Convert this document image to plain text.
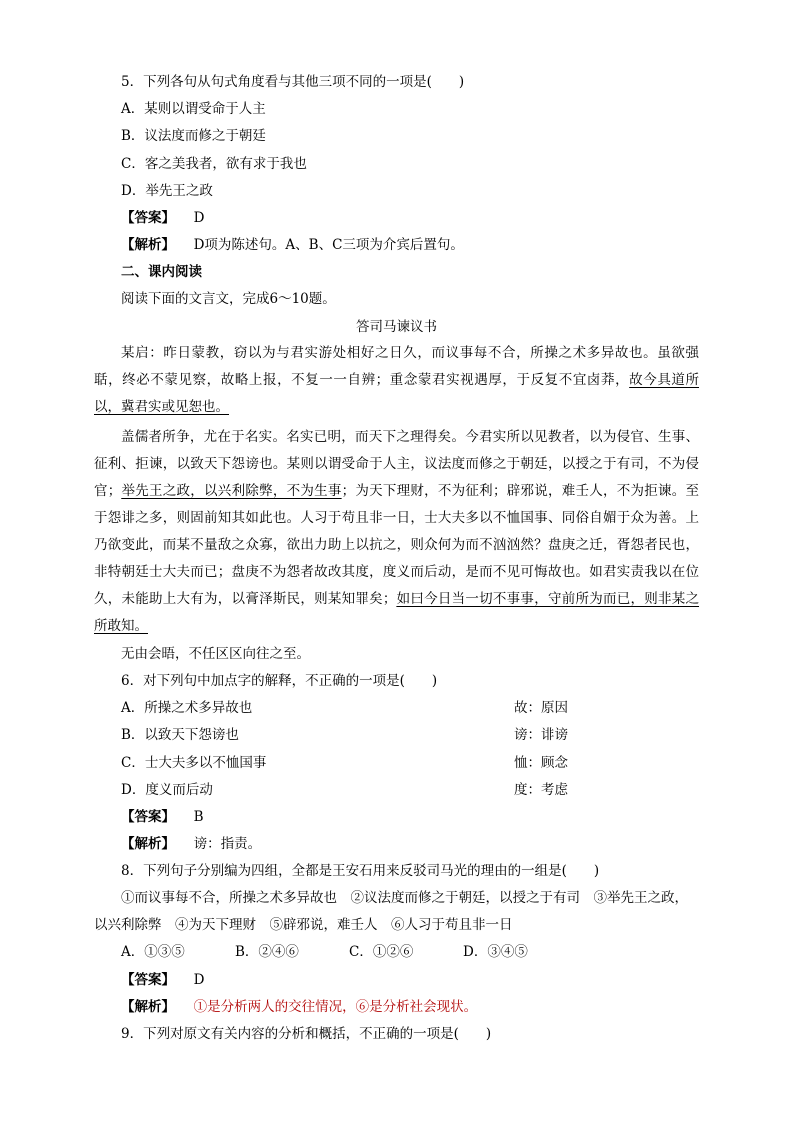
5．下列各句从句式角度看与其他三项不同的一项是(　　)
A．某则以谓受命于人主
B．议法度而修之于朝廷
C．客之美我者，欲有求于我也
D．举先王之政
【答案】 D
【解析】 D项为陈述句。A、B、C三项为介宾后置句。
二、课内阅读
阅读下面的文言文，完成6～10题。
答司马谏议书
某启：昨日蒙教，窃以为与君实游处相好之日久，而议事每不合，所操之术多异故也。虽欲强聒，终必不蒙见察，故略上报，不复一一自辨；重念蒙君实视遇厚，于反复不宜卤莽，故今具道所以，冀君实或见恕也。
盖儒者所争，尤在于名实。名实已明，而天下之理得矣。今君实所以见教者，以为侵官、生事、征利、拒谏，以致天下怨谤也。某则以谓受命于人主，议法度而修之于朝廷，以授之于有司，不为侵官；举先王之政，以兴利除弊，不为生事；为天下理财，不为征利；辟邪说，难壬人，不为拒谏。至于怨诽之多，则固前知其如此也。人习于苟且非一日，士大夫多以不恤国事、同俗自媚于众为善。上乃欲变此，而某不量敌之众寡，欲出力助上以抗之，则众何为而不汹汹然？盘庚之迁，胥怨者民也，非特朝廷士大夫而已；盘庚不为怨者故改其度，度义而后动，是而不见可悔故也。如君实责我以在位久，未能助上大有为，以膏泽斯民，则某知罪矣；如曰今日当一切不事事，守前所为而已，则非某之所敢知。
无由会晤，不任区区向往之至。
6．对下列句中加点字的解释，不正确的一项是(　　)
A．所操之术多异故也	故：原因
B．以致天下怨谤也	谤：诽谤
C．士大夫多以不恤国事	恤：顾念
D．度义而后动	度：考虑
【答案】 B
【解析】 谤：指责。
8．下列句子分别编为四组，全都是王安石用来反驳司马光的理由的一组是(　　)
①而议事每不合，所操之术多异故也　②议法度而修之于朝廷，以授之于有司　③举先王之政，
以兴利除弊　④为天下理财　⑤辟邪说，难壬人　⑥人习于苟且非一日
A．①③⑤	B．②④⑥	C．①②⑥	D．③④⑤
【答案】 D
【解析】 ①是分析两人的交往情况，⑥是分析社会现状。
9．下列对原文有关内容的分析和概括，不正确的一项是(　　)
